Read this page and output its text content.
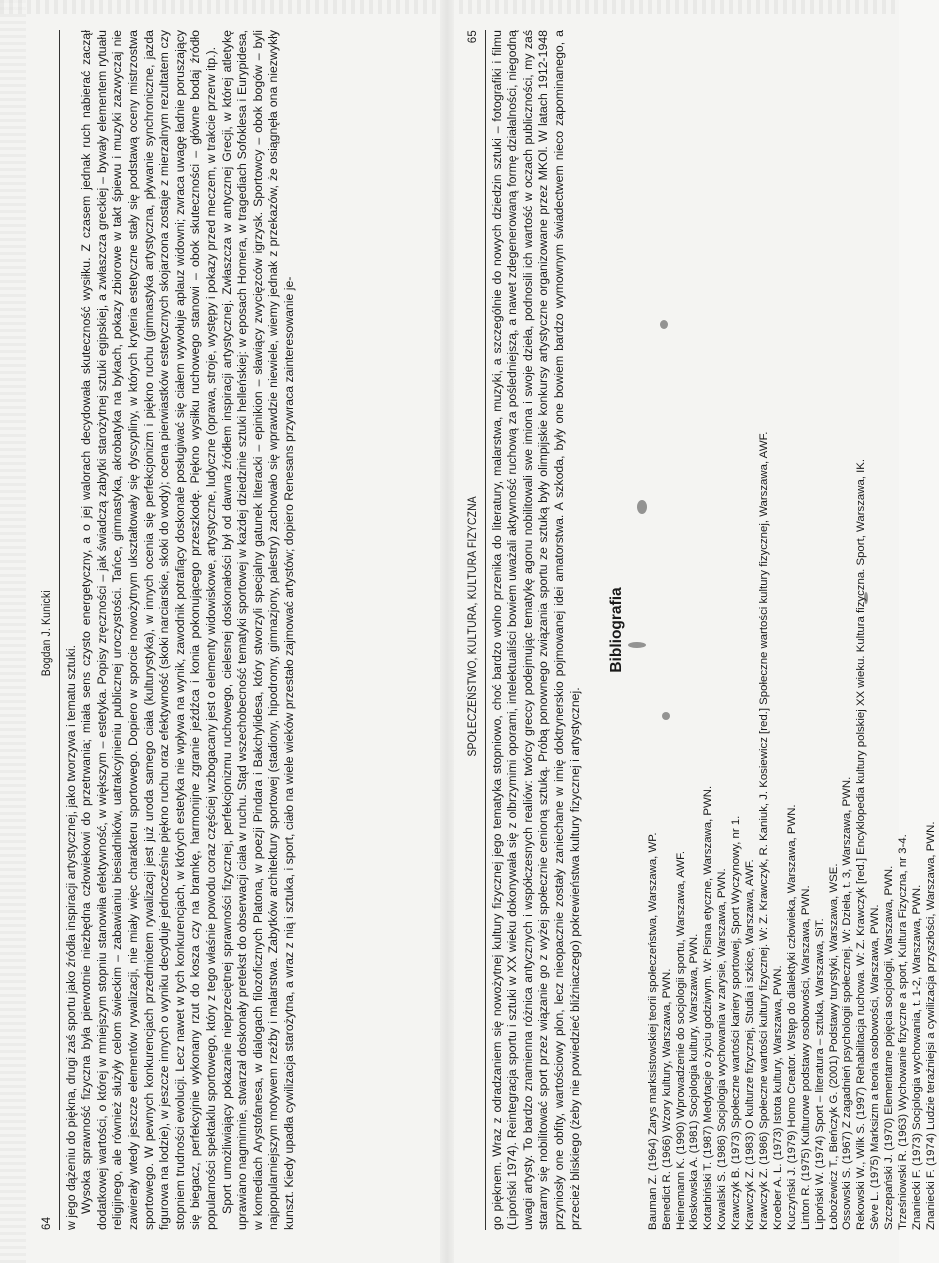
64
Bogdan J. Kunicki

w jego dążeniu do piękna, drugi zaś sportu jako źródła inspiracji artystycznej, jako tworzywa i tematu sztuki. Wysoka sprawność fizyczna była pierwotnie niezbędna człowiekowi do przetrwania; miała sens czysto energetyczny, a o jej walorach decydowała skuteczność wysiłku. Z czasem jednak ruch nabierać zaczął dodatkowej wartości, o której w mniejszym stopniu stanowiła efektywność, w większym – estetyka. Popisy zręczności – jak świadczą zabytki starożytnej sztuki egipskiej, a zwłaszcza greckiej – bywały elementem rytuału religijnego, ale również służyły celom świeckim – zabawianiu biesiadników, uatrakcyjnieniu publicznej uroczystości. Tańce, gimnastyka, akrobatyka na bykach, pokazy zbiorowe w takt śpiewu i muzyki zazwyczaj nie zawierały wtedy jeszcze elementów rywalizacji, nie miały więc charakteru sportowego. Dopiero w sporcie nowożytnym ukształtowały się dyscypliny, w których kryteria estetyczne stały się podstawą oceny mistrzostwa sportowego. W pewnych konkurencjach przedmiotem rywalizacji jest już uroda samego ciała (kulturystyka), w innych ocenia się perfekcjonizm i piękno ruchu (gimnastyka artystyczna, pływanie synchroniczne, jazda figurowa na lodzie), w jeszcze innych o wyniku decyduje jednocześnie piękno ruchu oraz efektywność (skoki narciarskie, skoki do wody); ocena pierwiastków estetycznych skojarzona zostaje z mierzalnym rezultatem czy stopniem trudności ewolucji. Lecz nawet w tych konkurencjach, w których estetyka nie wpływa na wynik, zawodnik potrafiący doskonale posługiwać się ciałem wywołuje aplauz widowni; zwraca uwagę ładnie poruszający się biegacz, perfekcyjnie wykonany rzut do kosza czy na bramkę, harmonijne zgranie jeźdźca i konia pokonującego przeszkodę. Piękno wysiłku ruchowego stanowi – obok skuteczności – główne bodaj źródło popularności spektaklu sportowego, który z tego właśnie powodu coraz częściej wzbogacany jest o elementy widowiskowe, artystyczne, ludyczne (oprawa, stroje, występy i pokazy przed meczem, w trakcie przerw itp.). Sport umożliwiający pokazanie nieprzeciętnej sprawności fizycznej, perfekcjonizmu ruchowego, cielesnej doskonałości był od dawna źródłem inspiracji artystycznej. Zwłaszcza w antycznej Grecji, w której atletykę uprawiano nagminnie, stwarzał doskonały pretekst do obserwacji ciała w ruchu. Stąd wszechobecność tematyki sportowej w każdej dziedzinie sztuki helleńskiej: w eposach Homera, w tragediach Sofoklesa i Eurypidesa, w komediach Arystofanesa, w dialogach filozoficznych Platona, w poezji Pindara i Bakchylidesa, który stworzyli specjalny gatunek literacki – epinikion – sławiący zwycięzców igrzysk. Sportowcy – obok bogów – byli najpopularniejszym motywem rzeźby i malarstwa. Zabytków architektury sportowej (stadiony, hipodromy, gimnazjony, palestry) zachowało się wprawdzie niewiele, wiemy jednak z przekazów, że osiągnęła ona niezwykły kunszt. Kiedy upadła cywilizacja starożytna, a wraz z nią i sztuka, i sport, ciało na wiele wieków przestało zajmować artystów; dopiero Renesans przywraca zainteresowanie je-	SPOŁECZEŃSTWO, KULTURA, KULTURA FIZYCZNA
65 go pięknem. Wraz z odradzaniem się nowożytnej kultury fizycznej jego tematyka stopniowo, choć bardzo wolno przenika do literatury, malarstwa, muzyki, a szczególnie do nowych dziedzin sztuki – fotografiki i filmu (Lipoński 1974). Reintegracja sportu i sztuki w XX wieku dokonywała się z olbrzymimi oporami, intelektualiści bowiem uważali aktywność ruchową za pośledniejszą, a nawet zdegenerowaną formę działalności, niegodną uwagi artysty. To bardzo znamienna różnica antycznych i współczesnych realiów: twórcy greccy podejmując tematykę agonu nobilitowali swe imiona i swoje dzieła, podnosili ich wartość w oczach publiczności, my zaś staramy się nobilitować sport przez wiązanie go z wyżej społecznie cenioną sztuką. Próbą ponownego związania sportu ze sztuką były olimpijskie konkursy artystyczne organizowane przez MKOl. W latach 1912-1948 przyniosły one obfity, wartościowy plon, lecz nieopacznie zostały zaniechane w imię doktrynerskio pojmowanej idei amatorstwa. A szkoda, były one bowiem bardzo wymownym świadectwem nieco zapominanego, a przecież bliskiego (żeby nie powiedzieć bliźniaczego) pokrewieństwa kultury fizycznej i artystycznej.

Bibliografia
Bauman Z. (1964) Zarys marksistowskiej teorii społeczeństwa, Warszawa, WP. Benedict R. (1966) Wzory kultury, Warszawa, PWN. Heinemann K. (1990) Wprowadzenie do socjologii sportu, Warszawa, AWF. Kłoskowska A. (1981) Socjologia kultury, Warszawa, PWN. Kotarbiński T. (1987) Medytacje o życiu godziwym. W: Pisma etyczne, Warszawa, PWN. Kowalski S. (1986) Socjologia wychowania w zarysie, Warszawa, PWN. Krawczyk B. (1973) Społeczne wartości kariery sportowej, Sport Wyczynowy, nr 1. Krawczyk Z. (1983) O kulturze fizycznej, Studia i szkice, Warszawa, AWF. Krawczyk Z. (1986) Społeczne wartości kultury fizycznej. W: Z. Krawczyk, R. Kaniuk, J. Kosiewicz [red.] Społeczne wartości kultury fizycznej, Warszawa, AWF. Kroeber A. L. (1973) Istota kultury, Warszawa, PWN. Kuczyński J. (1979) Homo Creator. Wstęp do dialektyki człowieka, Warszawa, PWN. Linton R. (1975) Kulturowe podstawy osobowości, Warszawa, PWN. Lipoński W. (1974) Sport – literatura – sztuka, Warszawa, SiT. Łobożewicz T., Bieńczyk G. (2001) Podstawy turystyki, Warszawa, WSE. Ossowski S. (1967) Z zagadnień psychologii społecznej. W: Dzieła, t. 3, Warszawa, PWN. Rekowski W., Wilk S. (1997) Rehabilitacja ruchowa. W: Z. Krawczyk [red.] Encyklopedia kultury polskiej XX wieku. Kultura fizyczna. Sport, Warszawa, IK. Sève L. (1975) Marksizm a teoria osobowości, Warszawa, PWN. Szczepański J. (1970) Elementarne pojęcia socjologii, Warszawa, PWN. Trześniowski R. (1963) Wychowanie fizyczne a sport, Kultura Fizyczna, nr 3-4. Znaniecki F. (1973) Socjologia wychowania, t. 1-2, Warszawa, PWN. Znaniecki F. (1974) Ludzie teraźniejsi a cywilizacja przyszłości, Warszawa, PWN.
